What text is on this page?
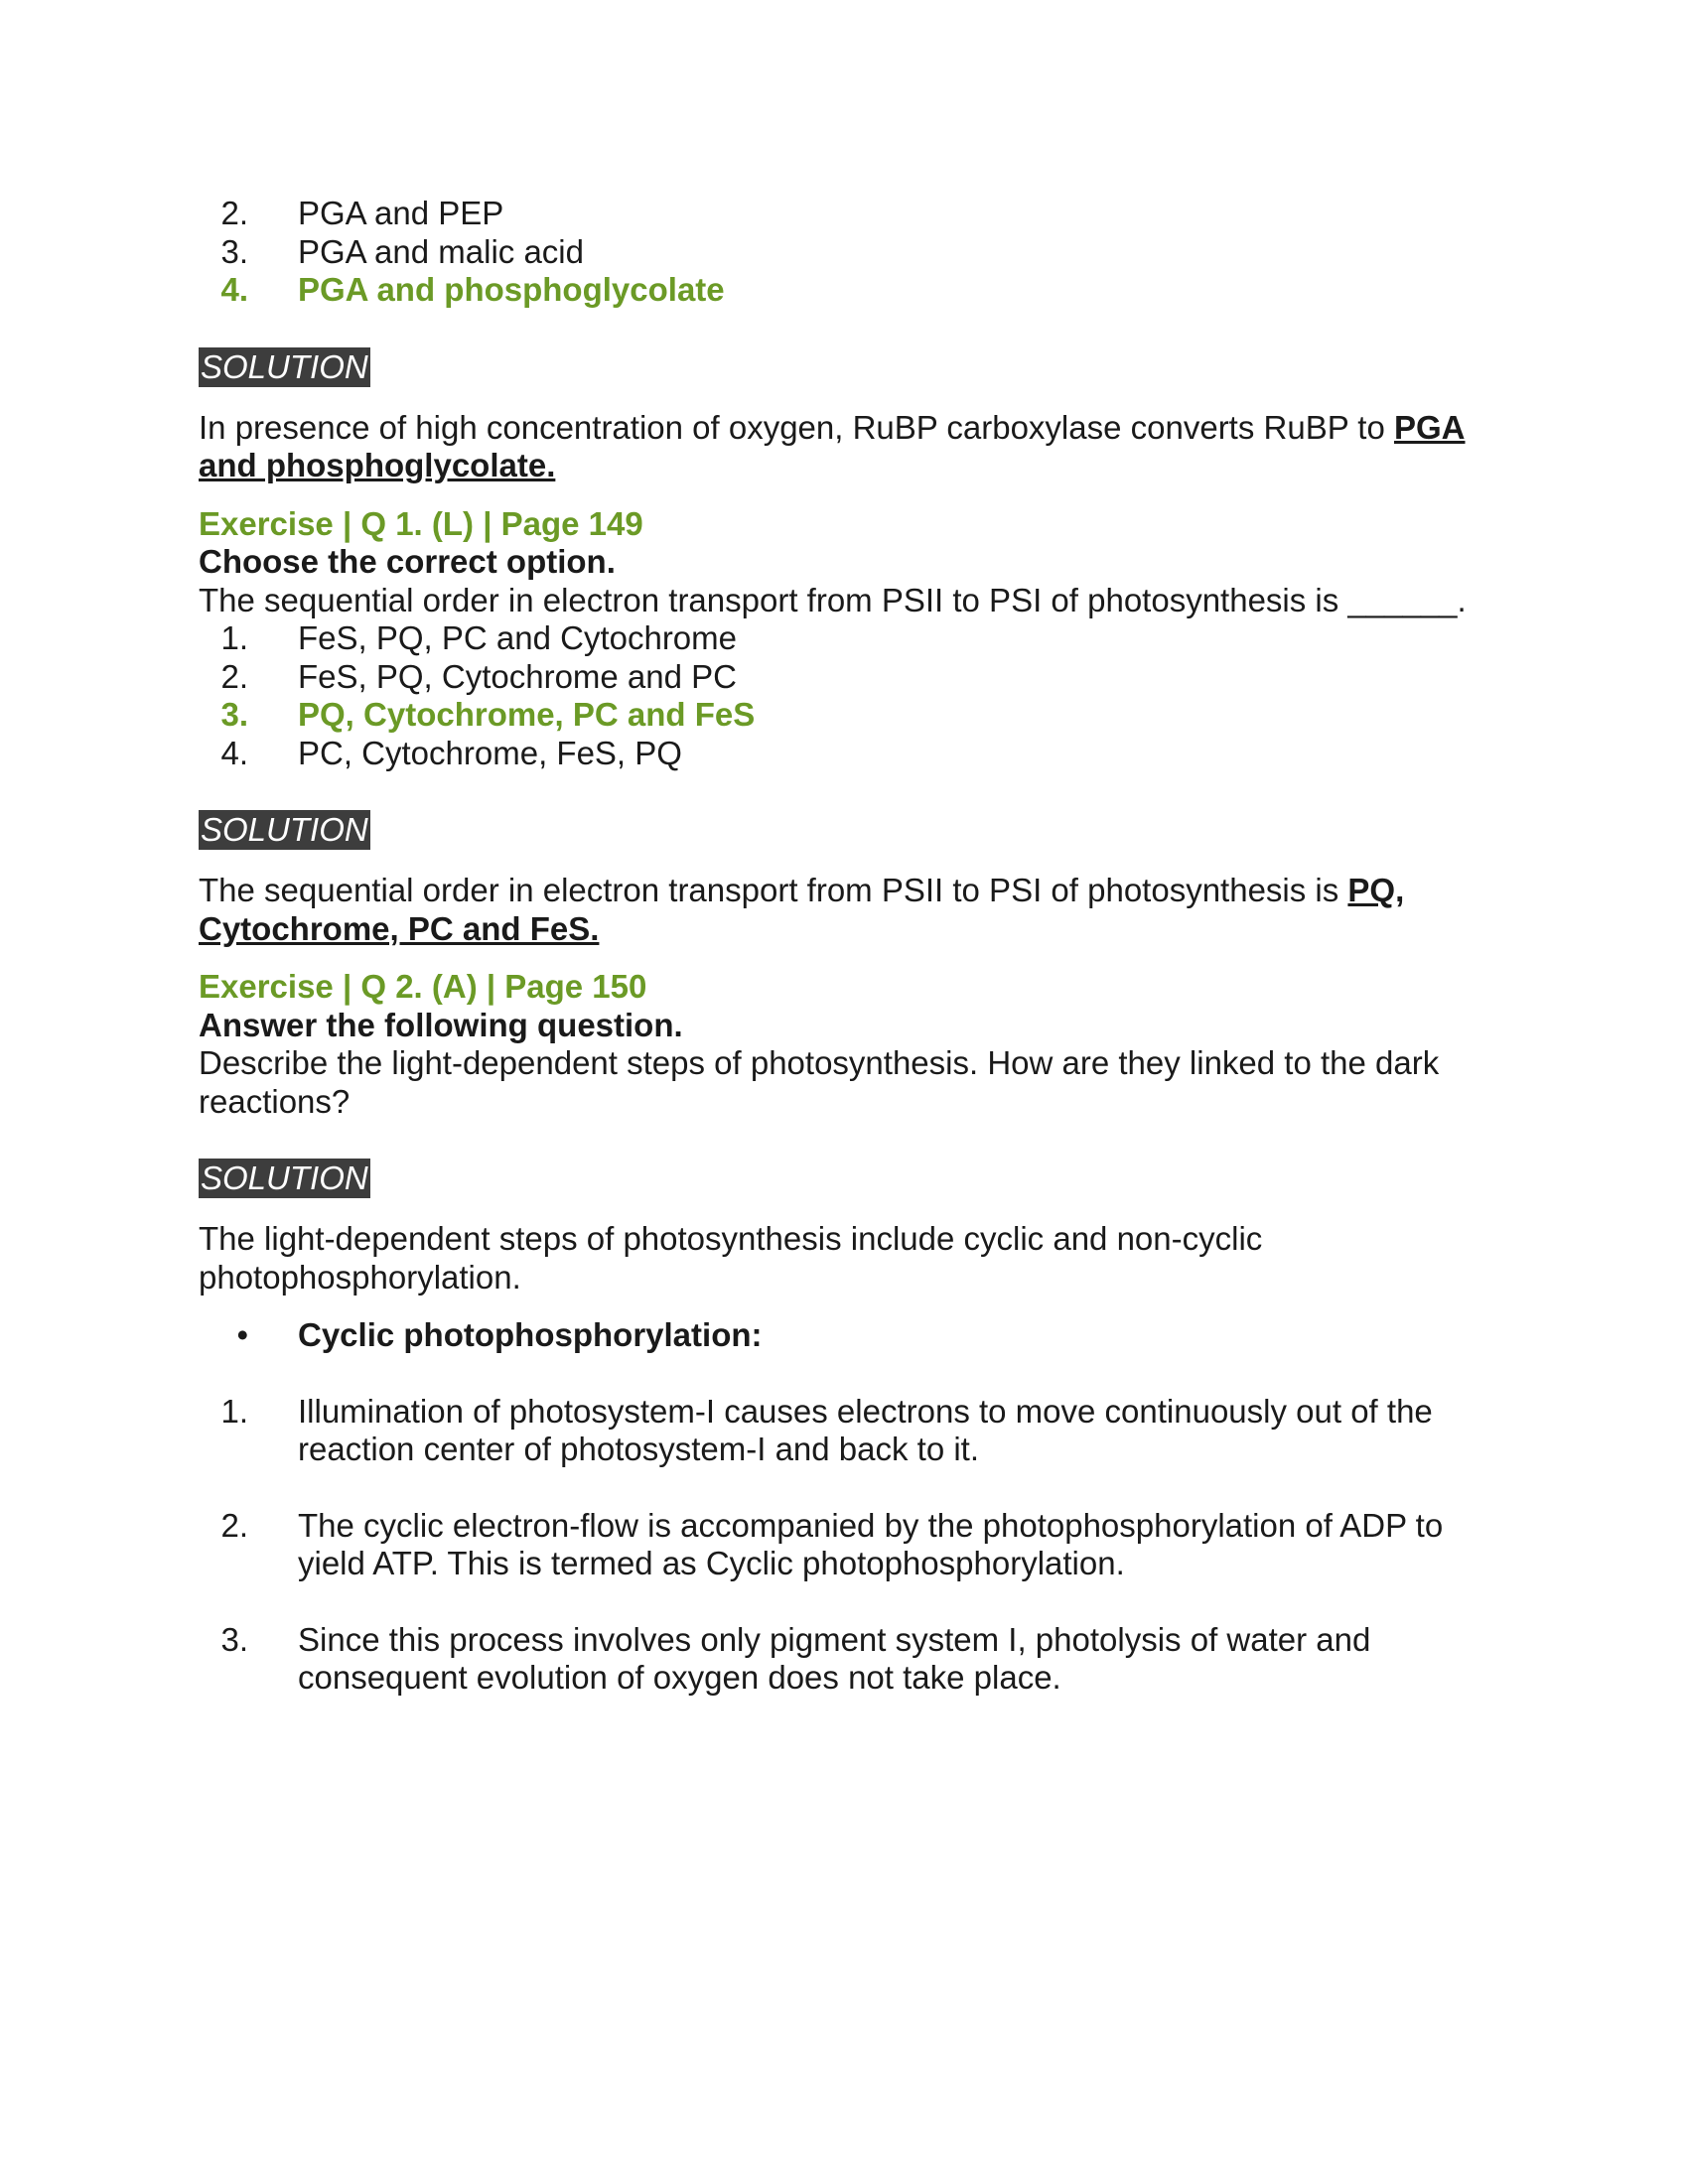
2.	PGA and PEP
3.	PGA and malic acid
4.	PGA and phosphoglycolate
SOLUTION

In presence of high concentration of oxygen, RuBP carboxylase converts RuBP to PGA and phosphoglycolate.

Exercise | Q 1. (L) | Page 149
Choose the correct option.
The sequential order in electron transport from PSII to PSI of photosynthesis is ______.
1.	FeS, PQ, PC and Cytochrome
2.	FeS, PQ, Cytochrome and PC
3.	PQ, Cytochrome, PC and FeS
4.	PC, Cytochrome, FeS, PQ
SOLUTION

The sequential order in electron transport from PSII to PSI of photosynthesis is PQ, Cytochrome, PC and FeS.

Exercise | Q 2. (A) | Page 150
Answer the following question.
Describe the light-dependent steps of photosynthesis. How are they linked to the dark reactions?
SOLUTION

The light-dependent steps of photosynthesis include cyclic and non-cyclic photophosphorylation.

•	Cyclic photophosphorylation:
1.	Illumination of photosystem-I causes electrons to move continuously out of the reaction center of photosystem-I and back to it.
2.	The cyclic electron-flow is accompanied by the photophosphorylation of ADP to yield ATP. This is termed as Cyclic photophosphorylation.
3.	Since this process involves only pigment system I, photolysis of water and consequent evolution of oxygen does not take place.
